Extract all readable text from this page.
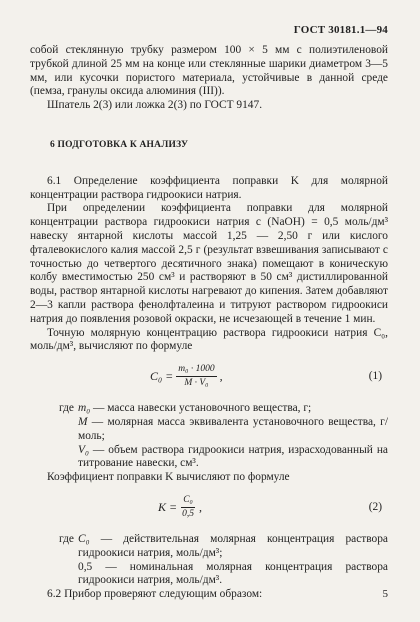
ГОСТ 30181.1—94

собой стеклянную трубку размером 100 × 5 мм с полиэтиленовой трубкой длиной 25 мм на конце или стеклянные шарики диаметром 3—5 мм, или кусочки пористого материала, устойчивые в данной среде (пемза, гранулы оксида алюминия (III)).

Шпатель 2(3) или ложка 2(3) по ГОСТ 9147.

6 ПОДГОТОВКА К АНАЛИЗУ

6.1 Определение коэффициента поправки K для молярной концентрации раствора гидроокиси натрия.

При определении коэффициента поправки для молярной концентрации раствора гидроокиси натрия c (NaOH) = 0,5 моль/дм³ навеску янтарной кислоты массой 1,25 — 2,50 г или кислого фталевокислого калия массой 2,5 г (результат взвешивания записывают с точностью до четвертого десятичного знака) помещают в коническую колбу вместимостью 250 см³ и растворяют в 50 см³ дистиллированной воды, раствор янтарной кислоты нагревают до кипения. Затем добавляют 2—3 капли раствора фенолфталеина и титруют раствором гидроокиси натрия до появления розовой окраски, не исчезающей в течение 1 мин.

Точную молярную концентрацию раствора гидроокиси натрия C₀, моль/дм³, вычисляют по формуле

$C_0 = \frac{\text{m₀ · 1000}}{\text{M · V₀}}$ ,	(1)
где m₀ — масса навески установочного вещества, г;
M — молярная масса эквивалента установочного вещества, г/моль;
V₀ — объем раствора гидроокиси натрия, израсходованный на титрование навески, см³.

Коэффициент поправки K вычисляют по формуле

$K = \frac{\text{C₀}}{0,5}$ ,	(2)
где C₀ — действительная молярная концентрация раствора гидроокиси натрия, моль/дм³;
0,5 — номинальная молярная концентрация раствора гидроокиси натрия, моль/дм³.

6.2 Прибор проверяют следующим образом:	5
